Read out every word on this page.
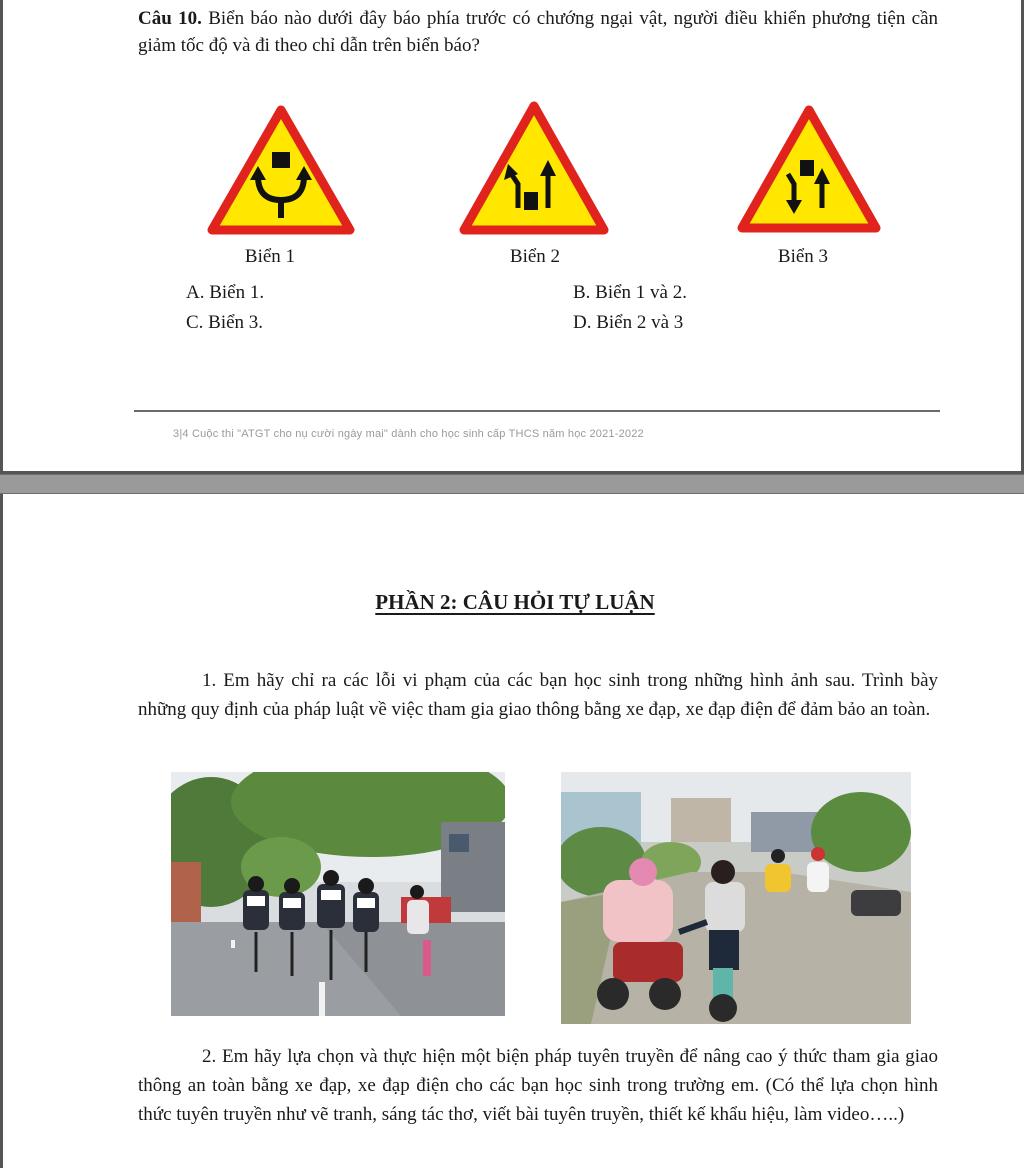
Câu 10. Biển báo nào dưới đây báo phía trước có chướng ngại vật, người điều khiển phương tiện cần giảm tốc độ và đi theo chỉ dẫn trên biển báo?
Biển 1	Biển 2	Biển 3
A. Biển 1.	B. Biển 1 và 2.
C. Biển 3.	D. Biển 2 và 3
3|4 Cuộc thi "ATGT cho nụ cười ngày mai" dành cho học sinh cấp THCS năm học 2021-2022
PHẦN 2: CÂU HỎI TỰ LUẬN
1. Em hãy chỉ ra các lỗi vi phạm của các bạn học sinh trong những hình ảnh sau. Trình bày những quy định của pháp luật về việc tham gia giao thông bằng xe đạp, xe đạp điện để đảm bảo an toàn.
2. Em hãy lựa chọn và thực hiện một biện pháp tuyên truyền để nâng cao ý thức tham gia giao thông an toàn bằng xe đạp, xe đạp điện cho các bạn học sinh trong trường em. (Có thể lựa chọn hình thức tuyên truyền như vẽ tranh, sáng tác thơ, viết bài tuyên truyền, thiết kế khẩu hiệu, làm video…..)
